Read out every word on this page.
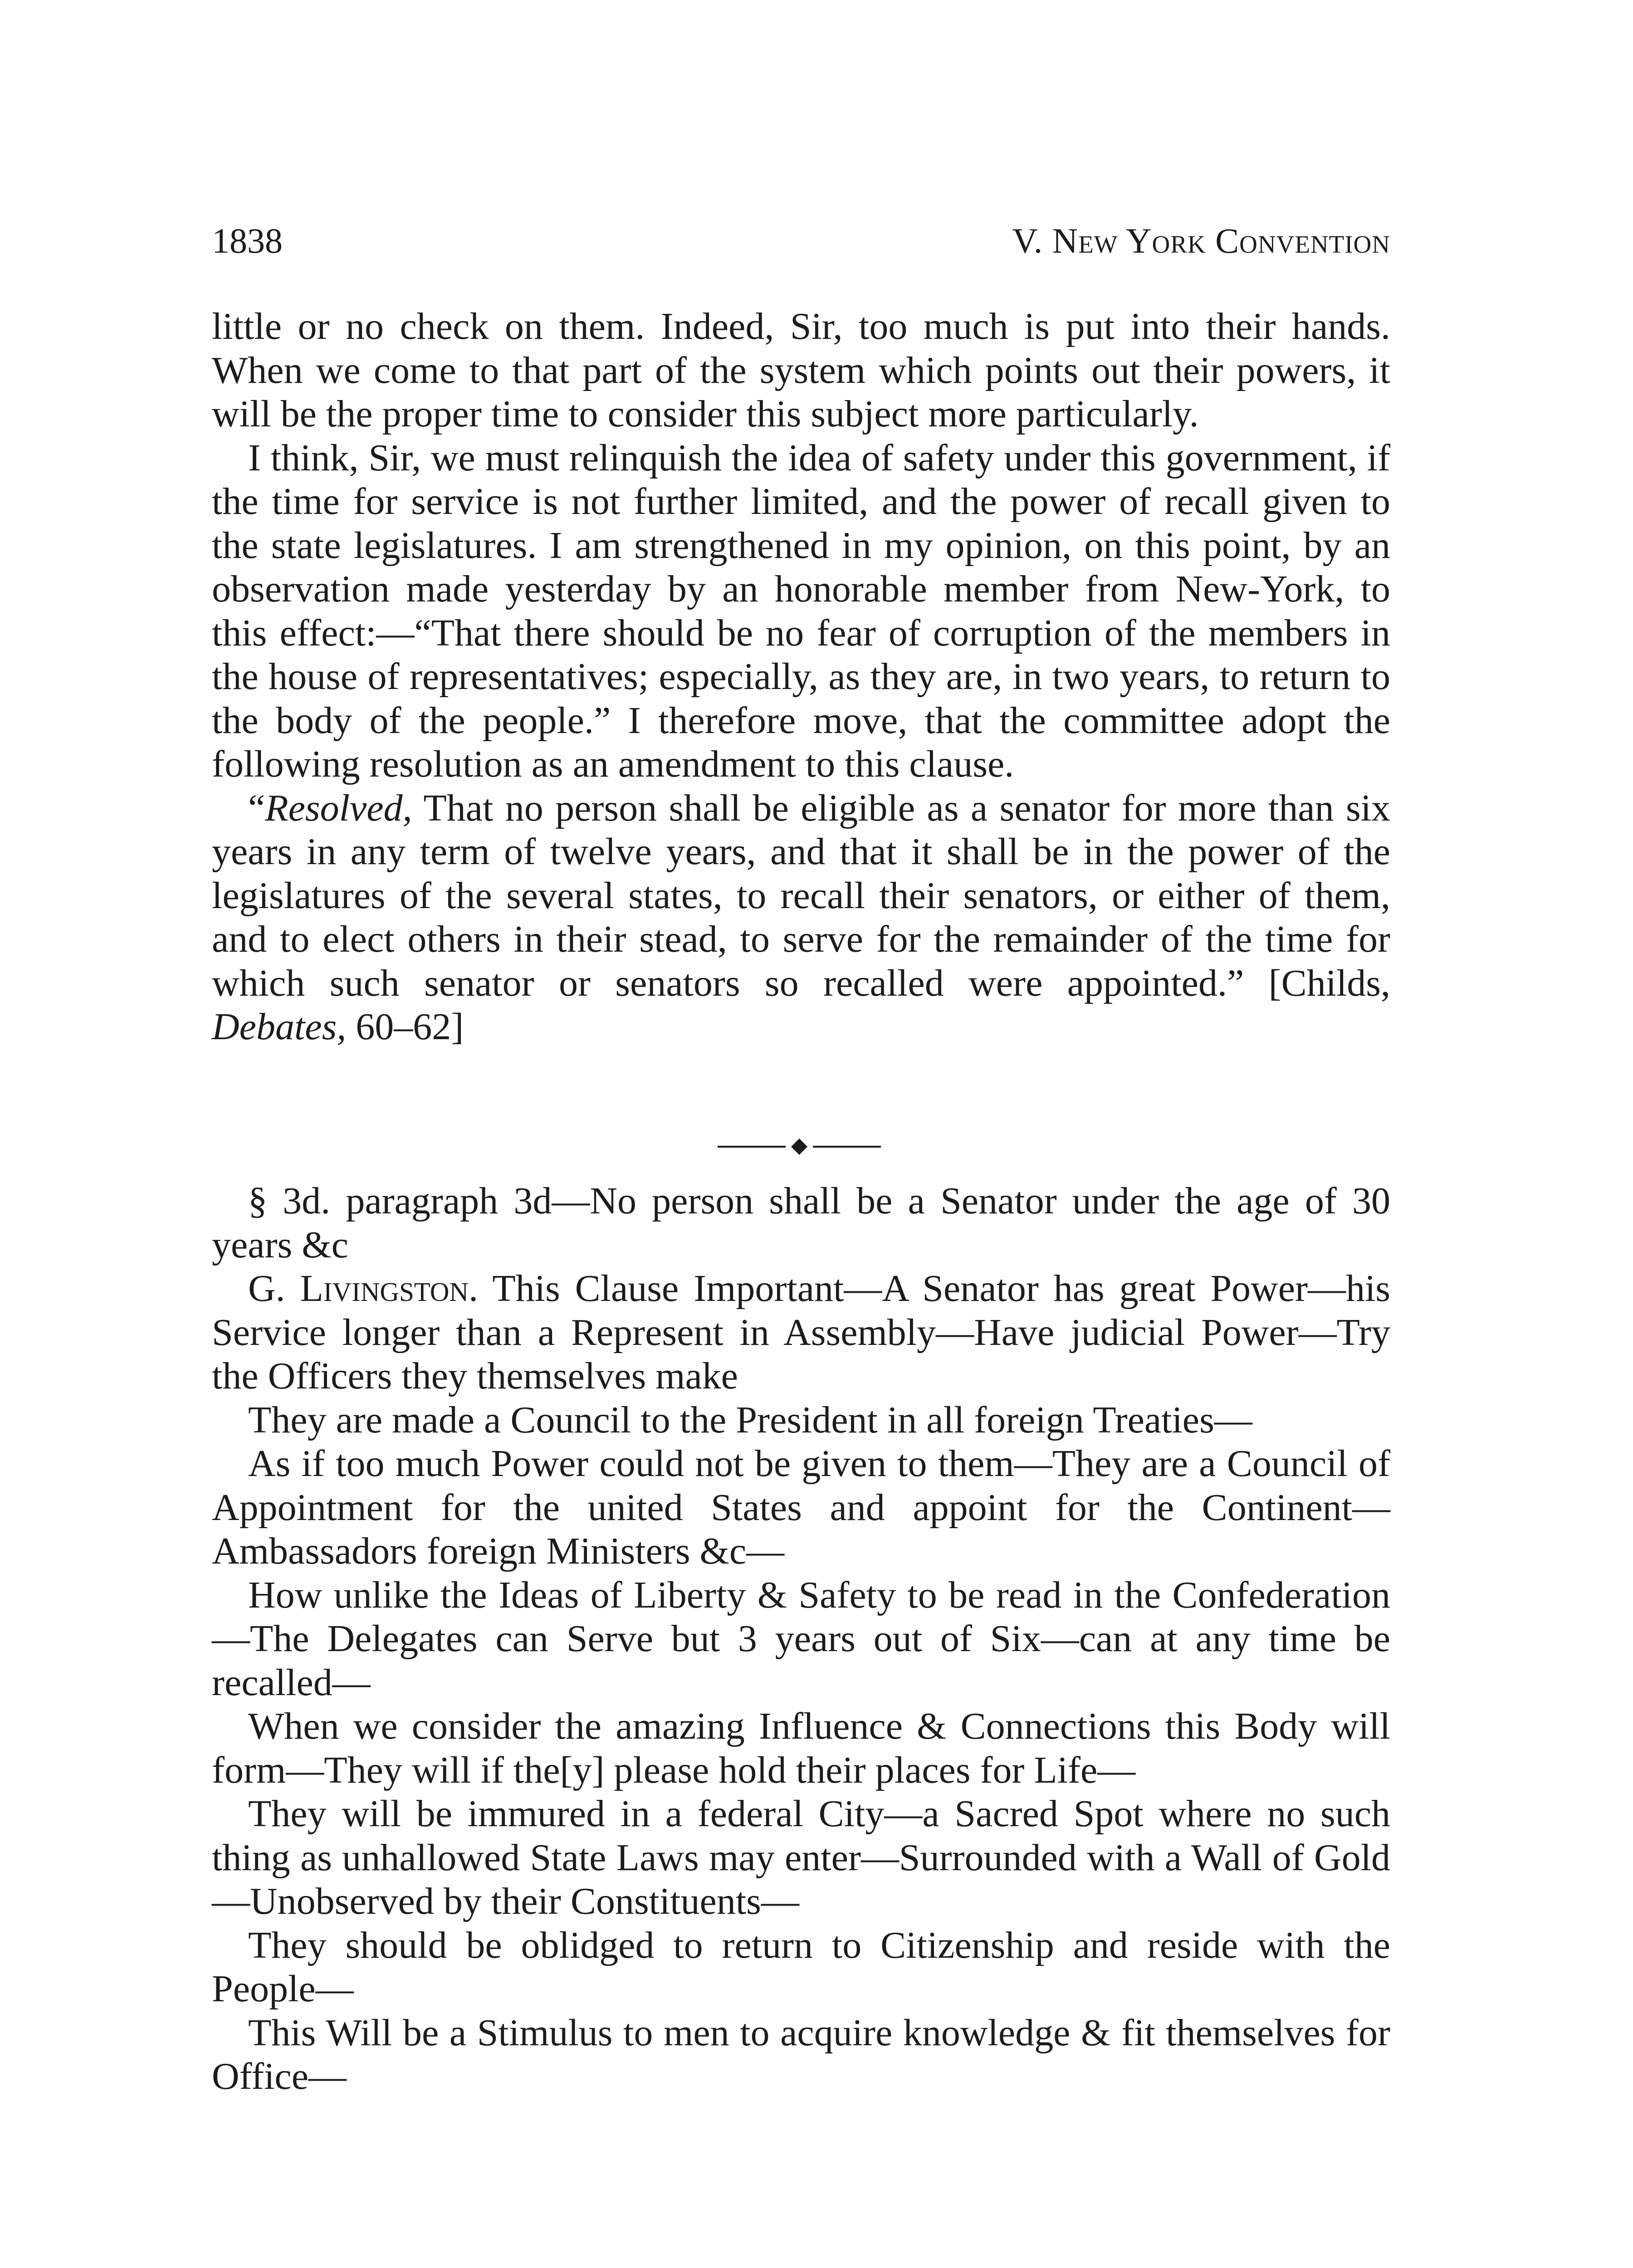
1838	V. New York Convention

little or no check on them. Indeed, Sir, too much is put into their hands. When we come to that part of the system which points out their powers, it will be the proper time to consider this subject more particularly.

I think, Sir, we must relinquish the idea of safety under this government, if the time for service is not further limited, and the power of recall given to the state legislatures. I am strengthened in my opinion, on this point, by an observation made yesterday by an honorable member from New-York, to this effect:—“That there should be no fear of corruption of the members in the house of representatives; especially, as they are, in two years, to return to the body of the people.” I therefore move, that the committee adopt the following resolution as an amendment to this clause.

“Resolved, That no person shall be eligible as a senator for more than six years in any term of twelve years, and that it shall be in the power of the legislatures of the several states, to recall their senators, or either of them, and to elect others in their stead, to serve for the remainder of the time for which such senator or senators so recalled were appointed.” [Childs, Debates, 60–62]

§ 3d. paragraph 3d—No person shall be a Senator under the age of 30 years &c

G. Livingston. This Clause Important—A Senator has great Power—his Service longer than a Represent in Assembly—Have judicial Power—Try the Officers they themselves make

They are made a Council to the President in all foreign Treaties—

As if too much Power could not be given to them—They are a Council of Appointment for the united States and appoint for the Continent—Ambassadors foreign Ministers &c—

How unlike the Ideas of Liberty & Safety to be read in the Confederation—The Delegates can Serve but 3 years out of Six—can at any time be recalled—

When we consider the amazing Influence & Connections this Body will form—They will if the[y] please hold their places for Life—

They will be immured in a federal City—a Sacred Spot where no such thing as unhallowed State Laws may enter—Surrounded with a Wall of Gold—Unobserved by their Constituents—

They should be oblidged to return to Citizenship and reside with the People—

This Will be a Stimulus to men to acquire knowledge & fit themselves for Office—
